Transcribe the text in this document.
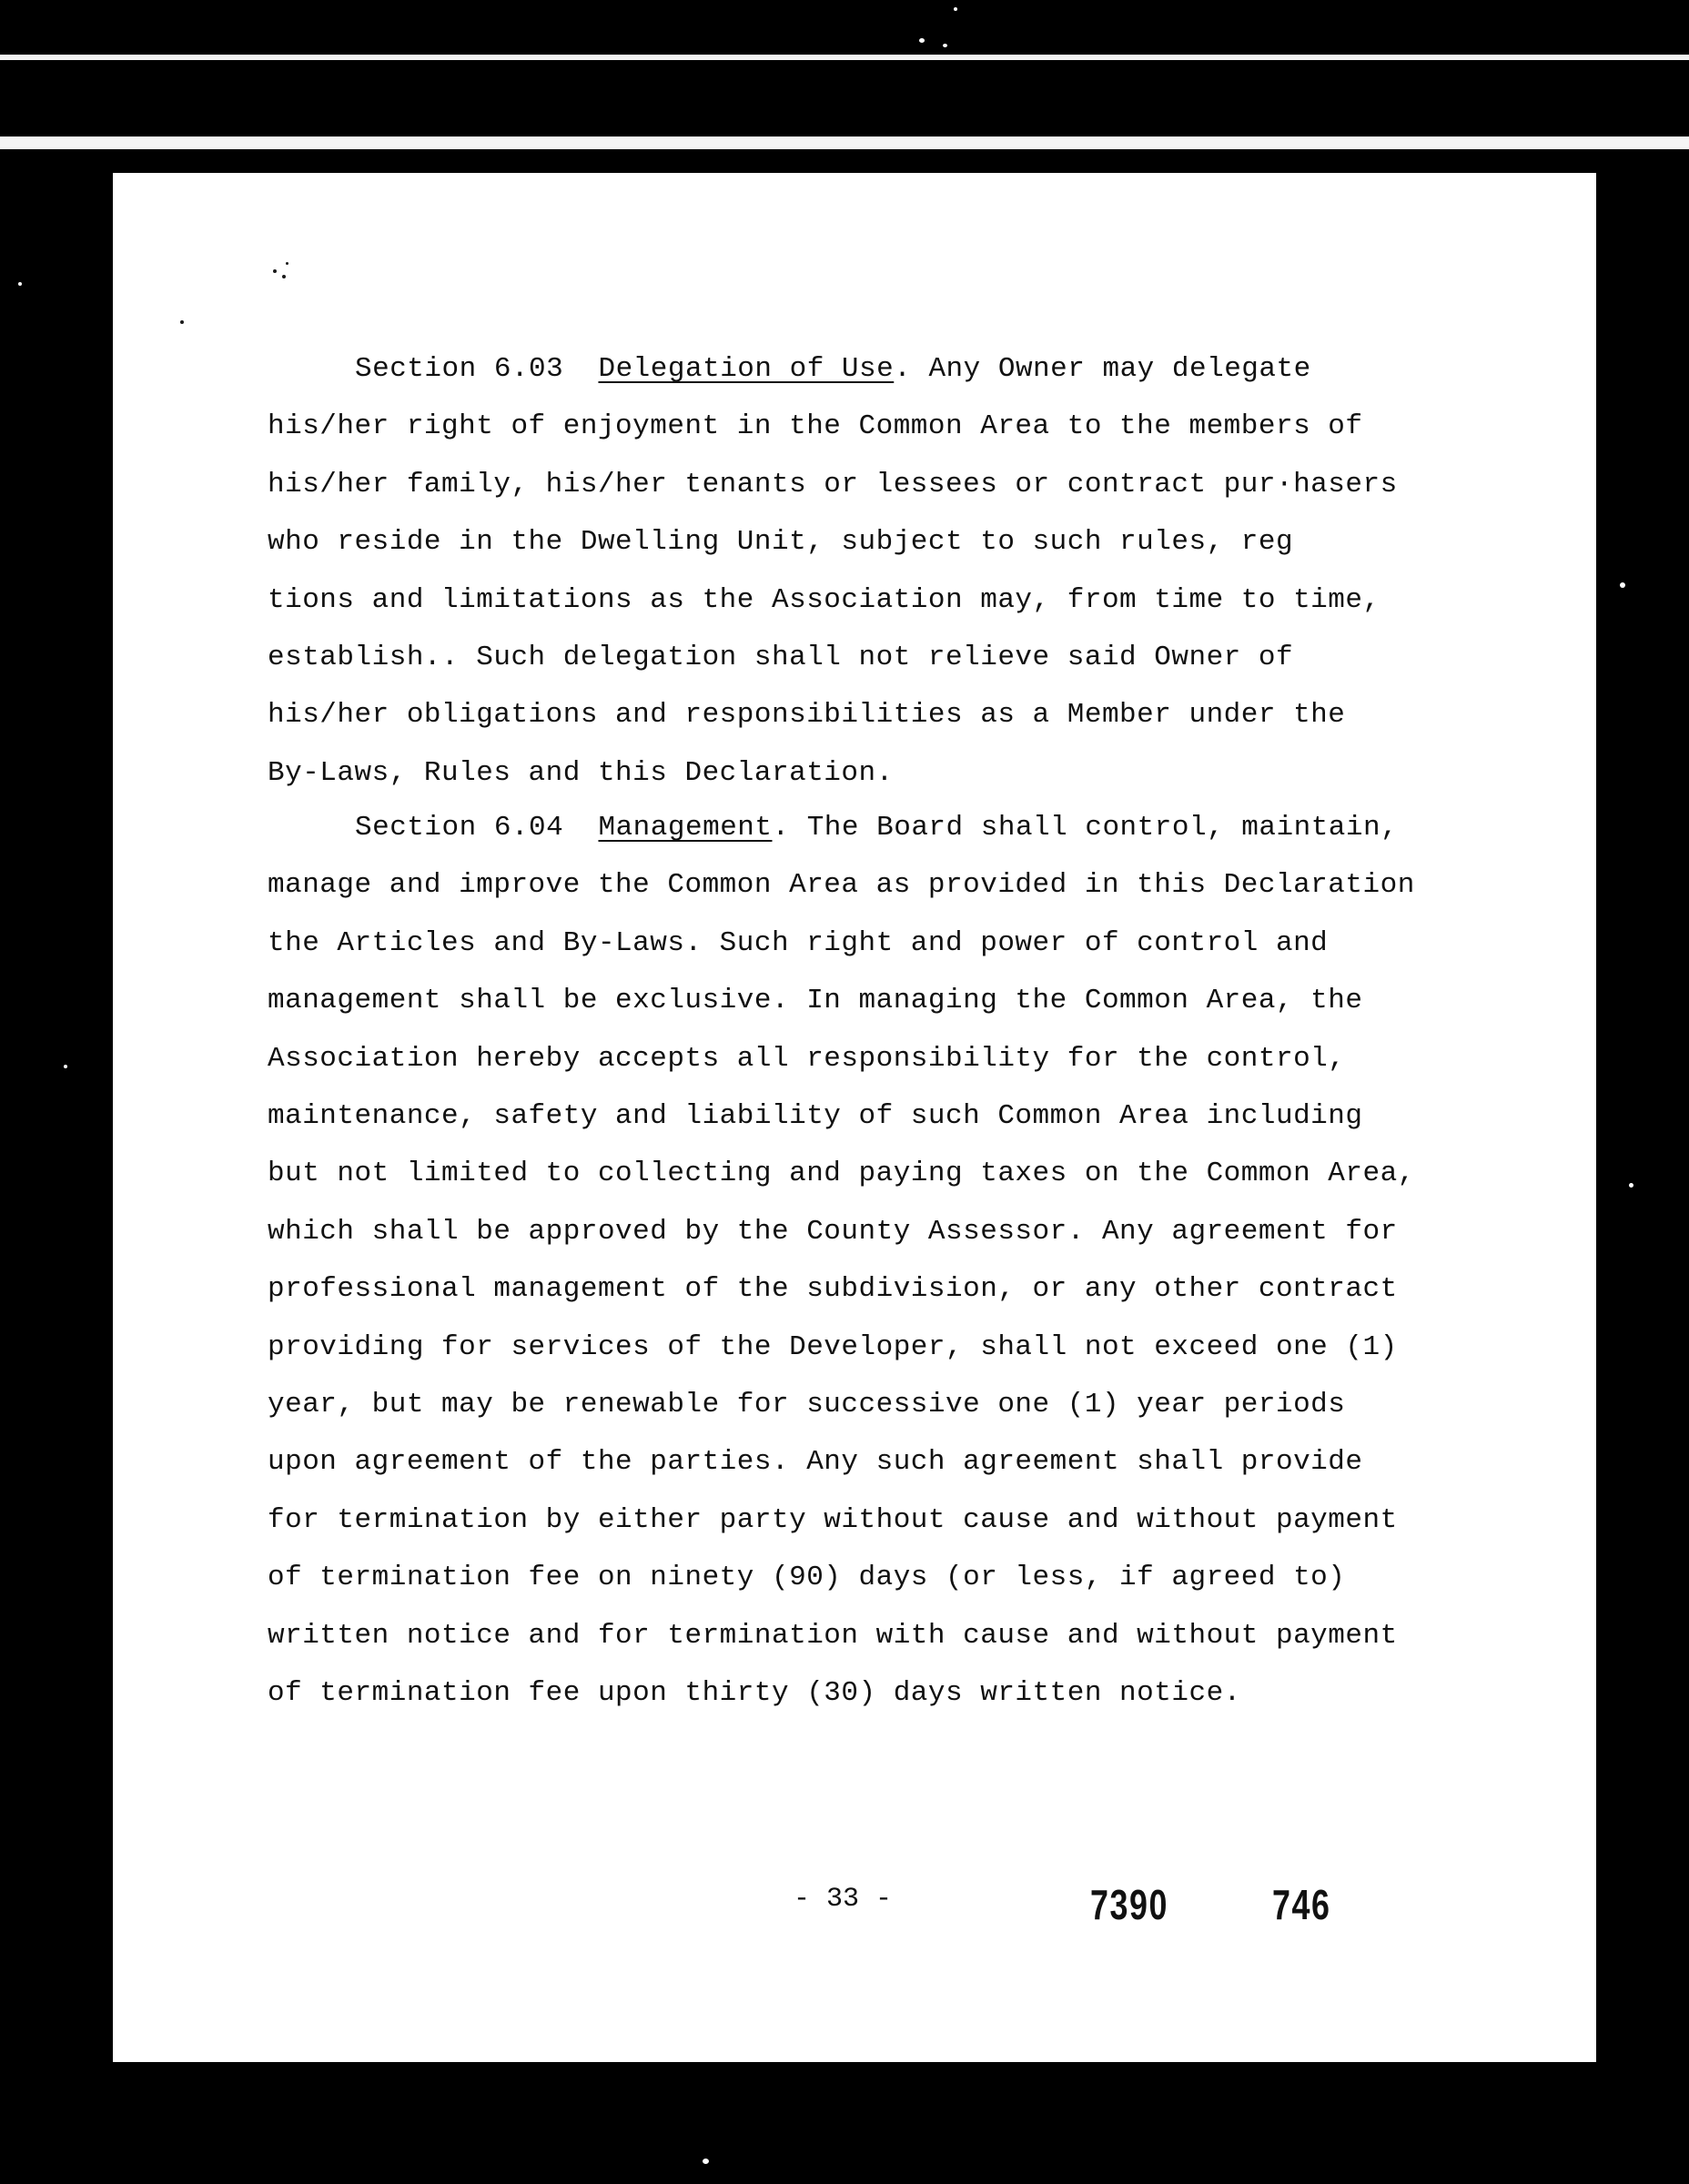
Section 6.03 Delegation of Use. Any Owner may delegate
his/her right of enjoyment in the Common Area to the members of
his/her family, his/her tenants or lessees or contract pur·hasers
who reside in the Dwelling Unit, subject to such rules, reg
tions and limitations as the Association may, from time to time,
establish.. Such delegation shall not relieve said Owner of
his/her obligations and responsibilities as a Member under the
By-Laws, Rules and this Declaration.

Section 6.04 Management. The Board shall control, maintain,
manage and improve the Common Area as provided in this Declaration
the Articles and By-Laws. Such right and power of control and
management shall be exclusive. In managing the Common Area, the
Association hereby accepts all responsibility for the control,
maintenance, safety and liability of such Common Area including
but not limited to collecting and paying taxes on the Common Area,
which shall be approved by the County Assessor. Any agreement for
professional management of the subdivision, or any other contract
providing for services of the Developer, shall not exceed one (1)
year, but may be renewable for successive one (1) year periods
upon agreement of the parties. Any such agreement shall provide
for termination by either party without cause and without payment
of termination fee on ninety (90) days (or less, if agreed to)
written notice and for termination with cause and without payment
of termination fee upon thirty (30) days written notice.

- 33 -	7390 746
